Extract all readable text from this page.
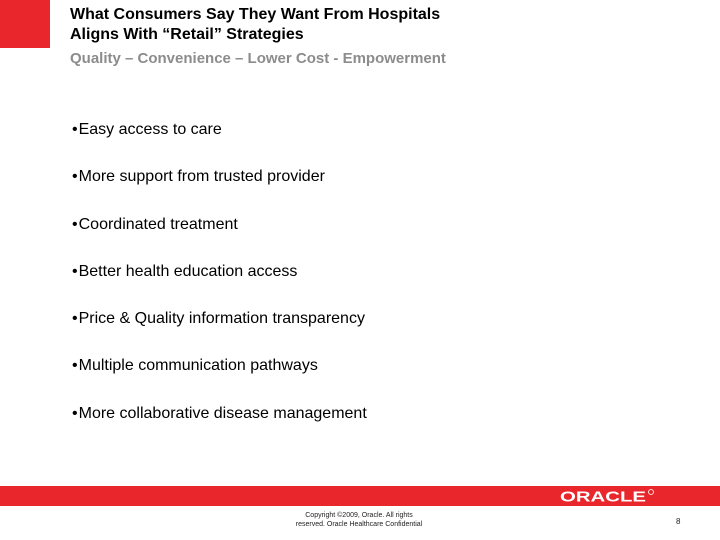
What Consumers Say They Want From Hospitals
Aligns With “Retail” Strategies
Quality – Convenience – Lower Cost - Empowerment
•Easy access to care
•More support from trusted provider
•Coordinated treatment
•Better health education access
•Price & Quality information transparency
•Multiple communication pathways
•More collaborative disease management
ORACLE
Copyright ©2009, Oracle. All rights
reserved. Oracle Healthcare Confidential	8
